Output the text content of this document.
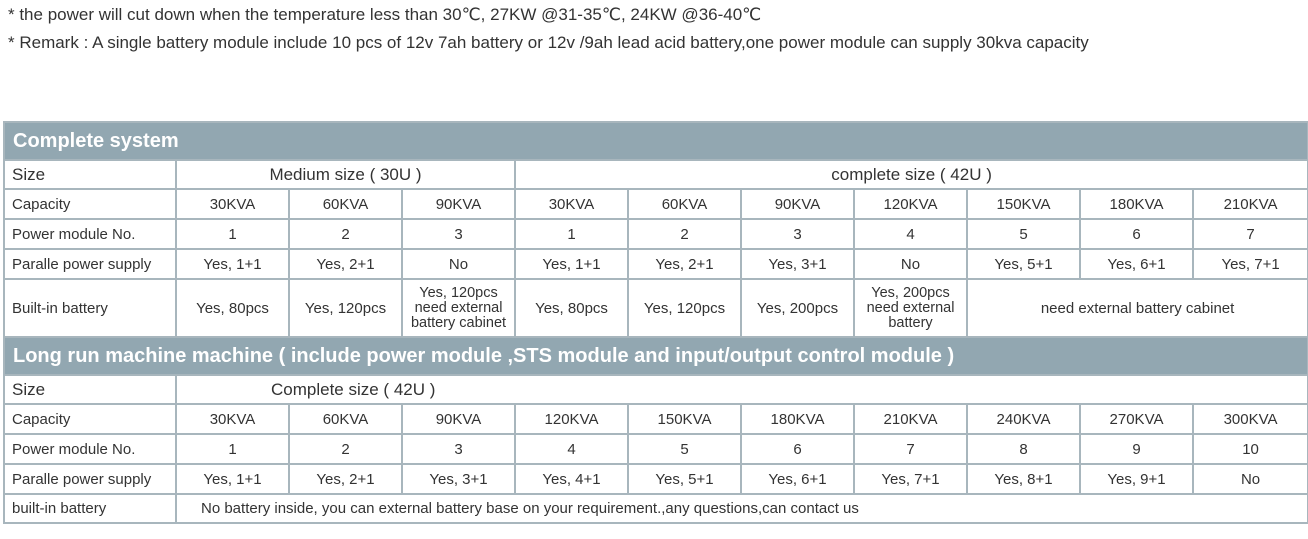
* the power will cut down when the temperature less than 30℃, 27KW @31-35℃, 24KW @36-40℃
* Remark : A single battery module include 10 pcs of 12v 7ah battery or 12v /9ah lead acid battery,one power module can supply 30kva capacity
Complete system										
Size	Medium size ( 30U )			complete size ( 42U )						
Capacity	30KVA	60KVA	90KVA	30KVA	60KVA	90KVA	120KVA	150KVA	180KVA	210KVA
Power module No.	1	2	3	1	2	3	4	5	6	7
Paralle power supply	Yes, 1+1	Yes, 2+1	No	Yes, 1+1	Yes, 2+1	Yes, 3+1	No	Yes, 5+1	Yes, 6+1	Yes, 7+1
Built-in battery	Yes, 80pcs	Yes, 120pcs	Yes, 120pcs need external battery cabinet	Yes, 80pcs	Yes, 120pcs	Yes, 200pcs	Yes, 200pcs need external battery	need external battery cabinet		
Long run machine machine ( include power module ,STS module and input/output control module )										
Size	Complete size ( 42U )									
Capacity	30KVA	60KVA	90KVA	120KVA	150KVA	180KVA	210KVA	240KVA	270KVA	300KVA
Power module No.	1	2	3	4	5	6	7	8	9	10
Paralle power supply	Yes, 1+1	Yes, 2+1	Yes, 3+1	Yes, 4+1	Yes, 5+1	Yes, 6+1	Yes, 7+1	Yes, 8+1	Yes, 9+1	No
built-in battery	No battery inside, you can external battery base on your requirement.,any questions,can contact us									
